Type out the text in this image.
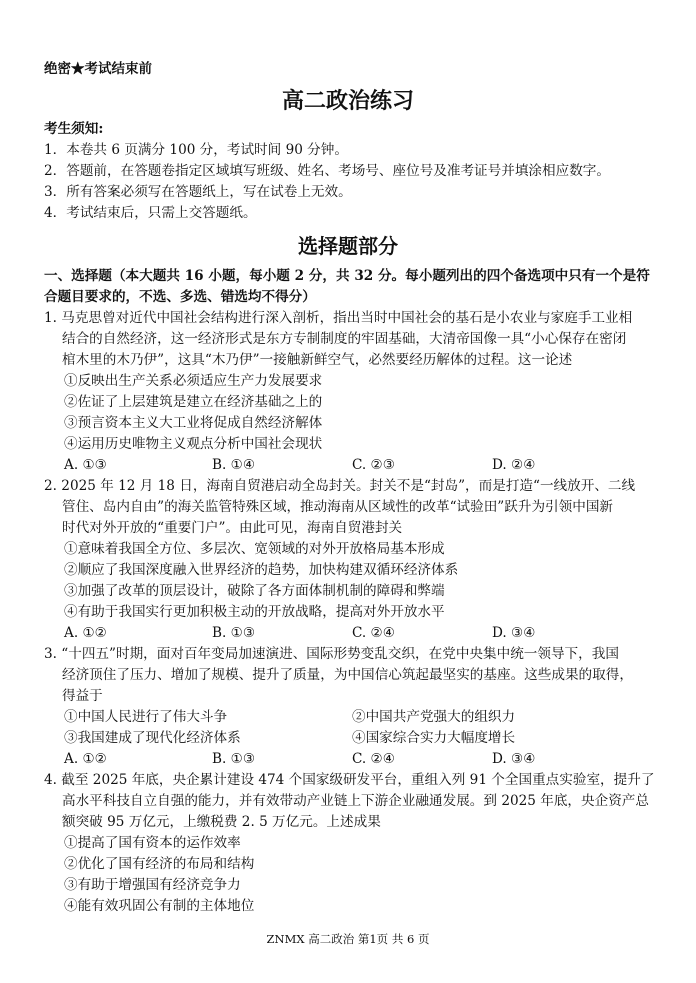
绝密★考试结束前
高二政治练习
考生须知:
1．本卷共 6 页满分 100 分，考试时间 90 分钟。
2．答题前，在答题卷指定区域填写班级、姓名、考场号、座位号及准考证号并填涂相应数字。
3．所有答案必须写在答题纸上，写在试卷上无效。
4．考试结束后，只需上交答题纸。
选择题部分
一、选择题（本大题共 16 小题，每小题 2 分，共 32 分。每小题列出的四个备选项中只有一个是符
合题目要求的，不选、多选、错选均不得分）
1. 马克思曾对近代中国社会结构进行深入剖析，指出当时中国社会的基石是小农业与家庭手工业相
结合的自然经济，这一经济形式是东方专制制度的牢固基础，大清帝国像一具“小心保存在密闭
棺木里的木乃伊”，这具“木乃伊”一接触新鲜空气，必然要经历解体的过程。这一论述
①反映出生产关系必须适应生产力发展要求
②佐证了上层建筑是建立在经济基础之上的
③预言资本主义大工业将促成自然经济解体
④运用历史唯物主义观点分析中国社会现状
A. ①③	B. ①④	C. ②③	D. ②④
2. 2025 年 12 月 18 日，海南自贸港启动全岛封关。封关不是“封岛”，而是打造“一线放开、二线
管住、岛内自由”的海关监管特殊区域，推动海南从区域性的改革“试验田”跃升为引领中国新
时代对外开放的“重要门户”。由此可见，海南自贸港封关
①意味着我国全方位、多层次、宽领域的对外开放格局基本形成
②顺应了我国深度融入世界经济的趋势，加快构建双循环经济体系
③加强了改革的顶层设计，破除了各方面体制机制的障碍和弊端
④有助于我国实行更加积极主动的开放战略，提高对外开放水平
A. ①②	B. ①③	C. ②④	D. ③④
3. “十四五”时期，面对百年变局加速演进、国际形势变乱交织，在党中央集中统一领导下，我国
经济顶住了压力、增加了规模、提升了质量，为中国信心筑起最坚实的基座。这些成果的取得，
得益于
①中国人民进行了伟大斗争	②中国共产党强大的组织力
③我国建成了现代化经济体系	④国家综合实力大幅度增长
A. ①②	B. ①③	C. ②④	D. ③④
4. 截至 2025 年底，央企累计建设 474 个国家级研发平台，重组入列 91 个全国重点实验室，提升了
高水平科技自立自强的能力，并有效带动产业链上下游企业融通发展。到 2025 年底，央企资产总
额突破 95 万亿元，上缴税费 2. 5 万亿元。上述成果
①提高了国有资本的运作效率
②优化了国有经济的布局和结构
③有助于增强国有经济竞争力
④能有效巩固公有制的主体地位
ZNMX 高二政治 第1页 共 6 页
